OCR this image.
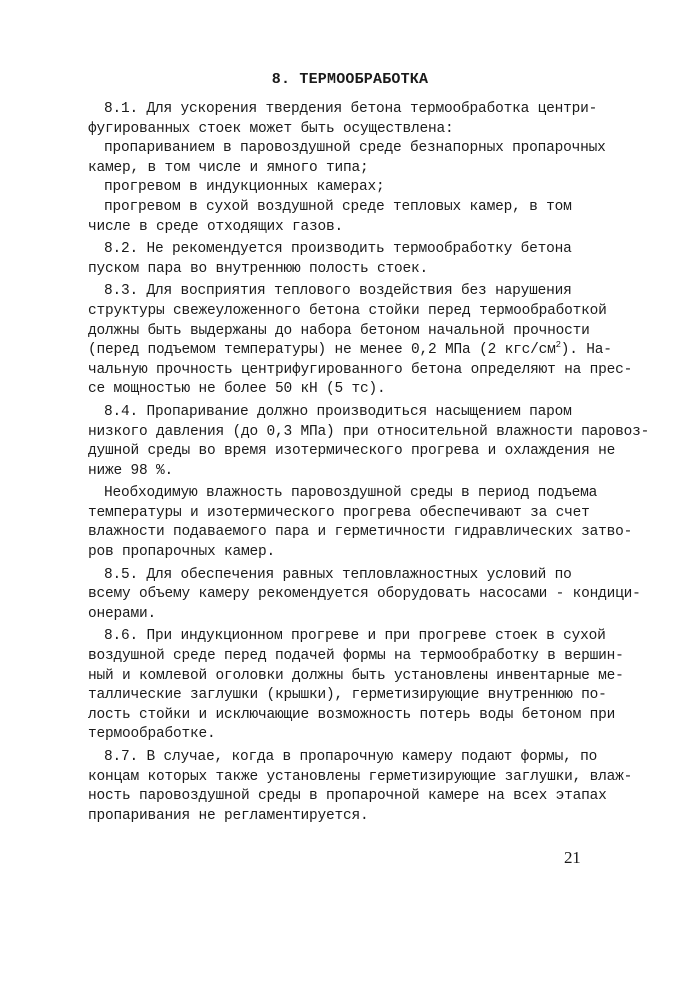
8. ТЕРМООБРАБОТКА
8.1. Для ускорения твердения бетона термообработка центри-
фугированных стоек может быть осуществлена:
пропариванием в паровоздушной среде безнапорных пропарочных
камер, в том числе и ямного типа;
прогревом в индукционных камерах;
прогревом в сухой воздушной среде тепловых камер, в том
числе в среде отходящих газов.
8.2. Не рекомендуется производить термообработку бетона
пуском пара во внутреннюю полость стоек.
8.3. Для восприятия теплового воздействия без нарушения
структуры свежеуложенного бетона стойки перед термообработкой
должны быть выдержаны до набора бетоном начальной прочности
(перед подъемом температуры) не менее 0,2 МПа (2 кгс/$см^2$). На-
чальную прочность центрифугированного бетона определяют на прес-
се мощностью не более 50 кН (5 тс).
8.4. Пропаривание должно производиться насыщением паром
низкого давления (до 0,3 МПа) при относительной влажности паровоз-
душной среды во время изотермического прогрева и охлаждения не
ниже 98 %.
Необходимую влажность паровоздушной среды в период подъема
температуры и изотермического прогрева обеспечивают за счет
влажности подаваемого пара и герметичности гидравлических затво-
ров пропарочных камер.
8.5. Для обеспечения равных тепловлажностных условий по
всему объему камеру рекомендуется оборудовать насосами - кондици-
онерами.
8.6. При индукционном прогреве и при прогреве стоек в сухой
воздушной среде перед подачей формы на термообработку в вершин-
ный и комлевой оголовки должны быть установлены инвентарные ме-
таллические заглушки (крышки), герметизирующие внутреннюю по-
лость стойки и исключающие возможность потерь воды бетоном при
термообработке.
8.7. В случае, когда в пропарочную камеру подают формы, по
концам которых также установлены герметизирующие заглушки, влаж-
ность паровоздушной среды в пропарочной камере на всех этапах
пропаривания не регламентируется.
21
